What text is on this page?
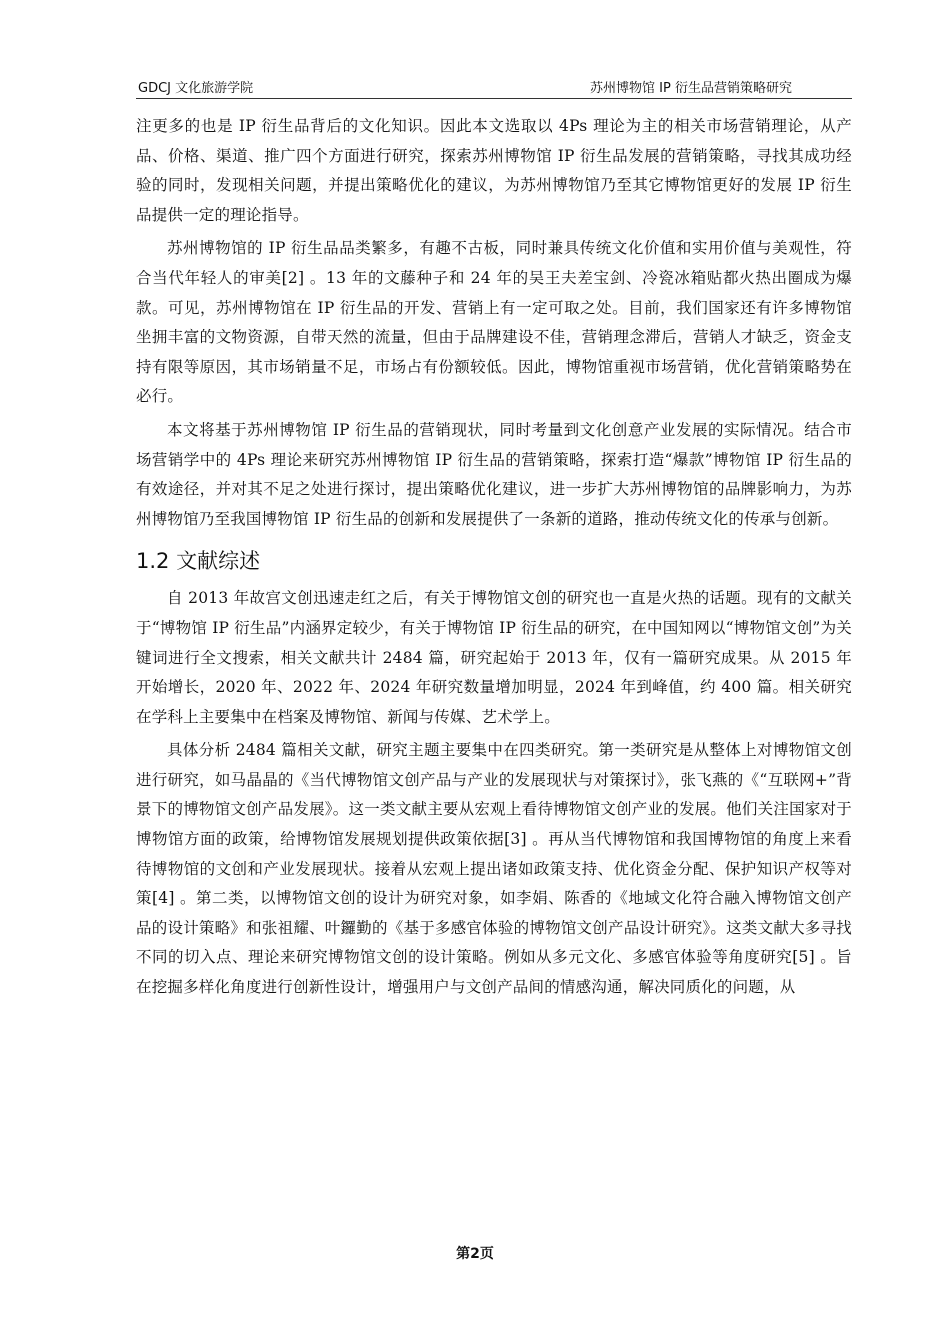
GDCJ 文化旅游学院	苏州博物馆 IP 衍生品营销策略研究

注更多的也是 IP 衍生品背后的文化知识。因此本文选取以 4Ps 理论为主的相关市场营销理论，从产品、价格、渠道、推广四个方面进行研究，探索苏州博物馆 IP 衍生品发展的营销策略，寻找其成功经验的同时，发现相关问题，并提出策略优化的建议，为苏州博物馆乃至其它博物馆更好的发展 IP 衍生品提供一定的理论指导。

苏州博物馆的 IP 衍生品品类繁多，有趣不古板，同时兼具传统文化价值和实用价值与美观性，符合当代年轻人的审美[2] 。13 年的文藤种子和 24 年的吴王夫差宝剑、冷瓷冰箱贴都火热出圈成为爆款。可见，苏州博物馆在 IP 衍生品的开发、营销上有一定可取之处。目前，我们国家还有许多博物馆坐拥丰富的文物资源，自带天然的流量，但由于品牌建设不佳，营销理念滞后，营销人才缺乏，资金支持有限等原因，其市场销量不足，市场占有份额较低。因此，博物馆重视市场营销，优化营销策略势在必行。

本文将基于苏州博物馆 IP 衍生品的营销现状，同时考量到文化创意产业发展的实际情况。结合市场营销学中的 4Ps 理论来研究苏州博物馆 IP 衍生品的营销策略，探索打造“爆款”博物馆 IP 衍生品的有效途径，并对其不足之处进行探讨，提出策略优化建议，进一步扩大苏州博物馆的品牌影响力，为苏州博物馆乃至我国博物馆 IP 衍生品的创新和发展提供了一条新的道路，推动传统文化的传承与创新。

1.2 文献综述

自 2013 年故宫文创迅速走红之后，有关于博物馆文创的研究也一直是火热的话题。现有的文献关于“博物馆 IP 衍生品”内涵界定较少，有关于博物馆 IP 衍生品的研究，在中国知网以“博物馆文创”为关键词进行全文搜索，相关文献共计 2484 篇，研究起始于 2013 年，仅有一篇研究成果。从 2015 年开始增长，2020 年、2022 年、2024 年研究数量增加明显，2024 年到峰值，约 400 篇。相关研究在学科上主要集中在档案及博物馆、新闻与传媒、艺术学上。

具体分析 2484 篇相关文献，研究主题主要集中在四类研究。第一类研究是从整体上对博物馆文创进行研究，如马晶晶的《当代博物馆文创产品与产业的发展现状与对策探讨》，张飞燕的《“互联网+”背景下的博物馆文创产品发展》。这一类文献主要从宏观上看待博物馆文创产业的发展。他们关注国家对于博物馆方面的政策，给博物馆发展规划提供政策依据[3] 。再从当代博物馆和我国博物馆的角度上来看待博物馆的文创和产业发展现状。接着从宏观上提出诸如政策支持、优化资金分配、保护知识产权等对策[4] 。第二类，以博物馆文创的设计为研究对象，如李娟、陈香的《地域文化符合融入博物馆文创产品的设计策略》和张祖耀、叶鑼勤的《基于多感官体验的博物馆文创产品设计研究》。这类文献大多寻找不同的切入点、理论来研究博物馆文创的设计策略。例如从多元文化、多感官体验等角度研究[5] 。旨在挖掘多样化角度进行创新性设计，增强用户与文创产品间的情感沟通，解决同质化的问题，从

第2页
